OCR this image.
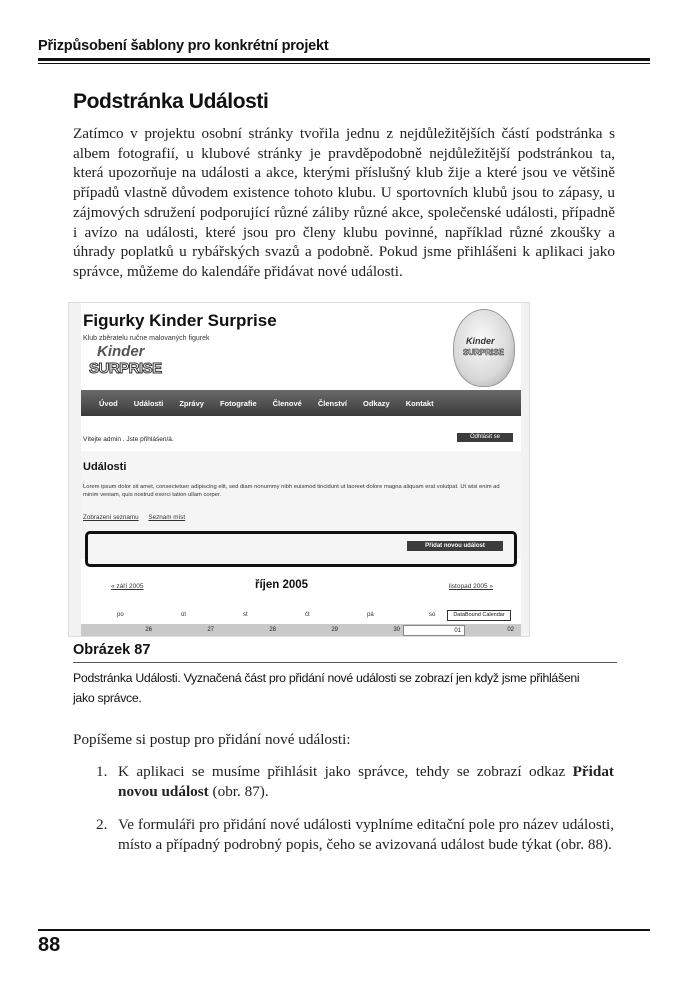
Přizpůsobení šablony pro konkrétní projekt
Podstránka Události

Zatímco v projektu osobní stránky tvořila jednu z nejdůležitějších částí podstránka s albem fotografií, u klubové stránky je pravděpodobně nejdůležitější podstránkou ta, která upozorňuje na události a akce, kterými příslušný klub žije a které jsou ve většině případů vlastně důvodem existence tohoto klubu. U sportovních klubů jsou to zápasy, u zájmových sdružení podporující různé záliby různé akce, společenské události, případně i avízo na události, které jsou pro členy klubu povinné, například různé zkoušky a úhrady poplatků u rybářských svazů a podobně. Pokud jsme přihlášeni k aplikaci jako správce, můžeme do kalendáře přidávat nové události.

Figurky Kinder Surprise
Klub zběratelu ručne malovaných figurek
Kinder
SURPRISE
Kinder
SURPRISE
Úvod Události Zprávy Fotografie Členové Členství Odkazy Kontakt
Vítejte admin . Jste přihlášen/á.	Odhlásit se
Události
Lorem ipsum dolor sit amet, consectetuer adipiscing elit, sed diam nonummy nibh euismod tincidunt ut laoreet dolore magna aliquam erat volutpat. Ut wisi enim ad minim veniam, quis nostrud exerci tation ullam corper.
Zobrazení seznamu Seznam míst
Přidat novou událost
« září 2005	říjen 2005	listopad 2005 »
po	út	st	čt	pá	so	DataBound Calendar
26	27	28	29	30	01	02
Obrázek 87

Podstránka Události. Vyznačená část pro přidání nové události se zobrazí jen když jsme přihlášeni jako správce.

Popíšeme si postup pro přidání nové události:

1. K aplikaci se musíme přihlásit jako správce, tehdy se zobrazí odkaz Přidat novou událost (obr. 87).
2. Ve formuláři pro přidání nové události vyplníme editační pole pro název události, místo a případný podrobný popis, čeho se avizovaná událost bude týkat (obr. 88).
88
